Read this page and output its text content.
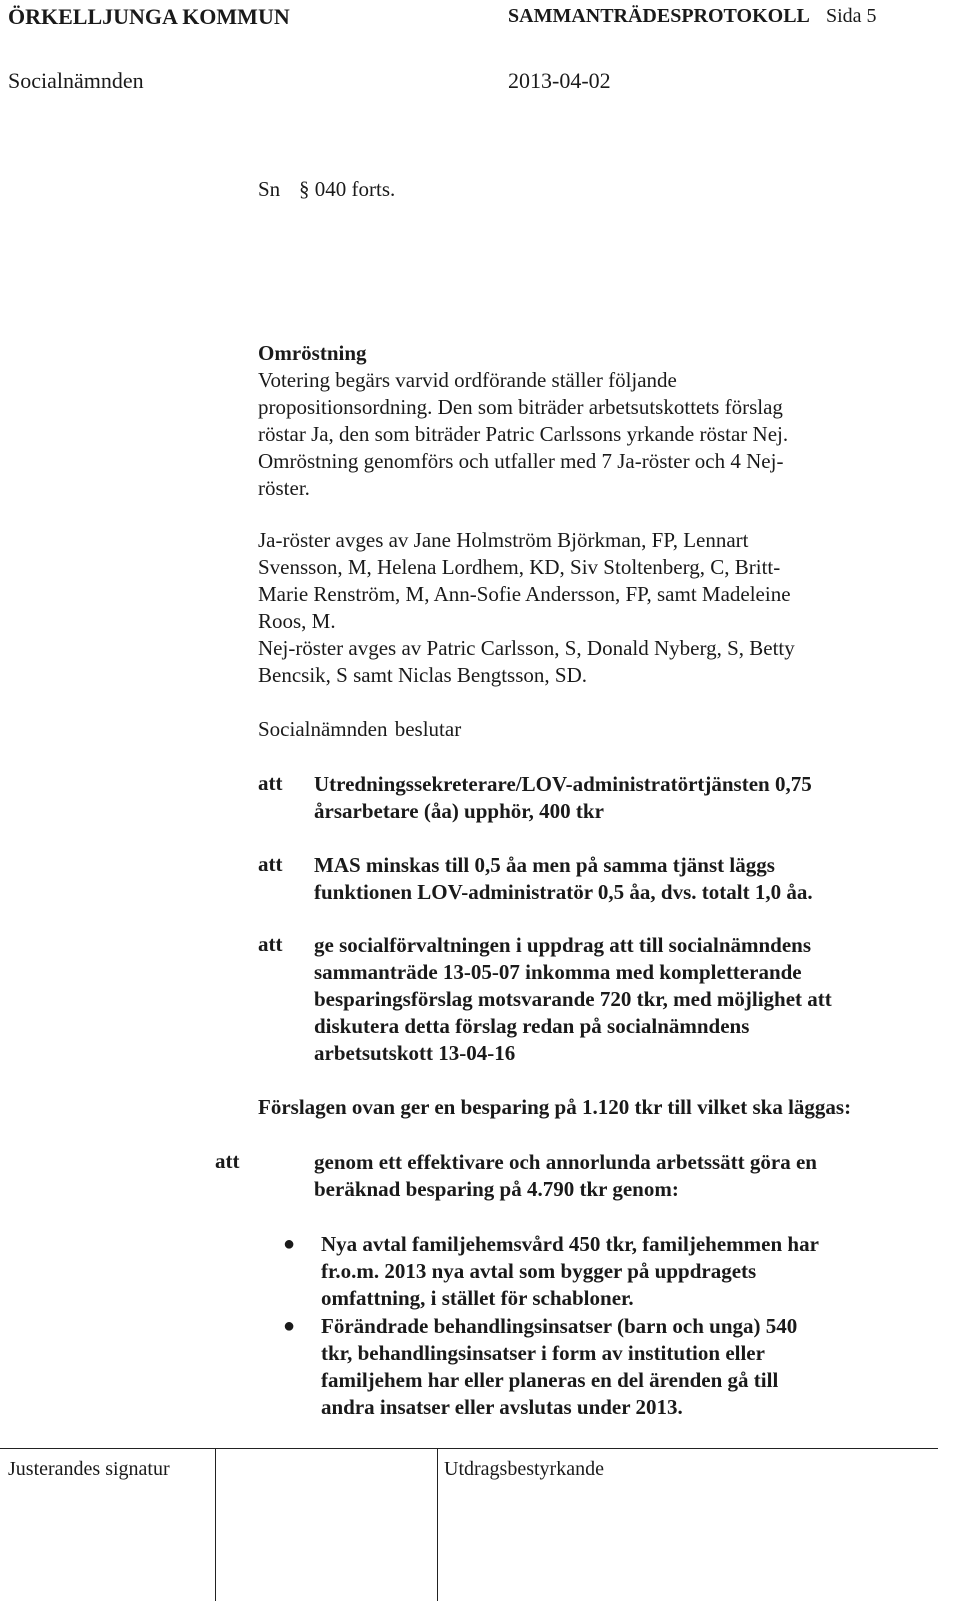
ÖRKELLJUNGA KOMMUN	SAMMANTRÄDESPROTOKOLL Sida 5
Socialnämnden	2013-04-02
Sn § 040 forts.
Omröstning
Votering begärs varvid ordförande ställer följande
propositionsordning. Den som biträder arbetsutskottets förslag
röstar Ja, den som biträder Patric Carlssons yrkande röstar Nej.
Omröstning genomförs och utfaller med 7 Ja-röster och 4 Nej-
röster.
Ja-röster avges av Jane Holmström Björkman, FP, Lennart
Svensson, M, Helena Lordhem, KD, Siv Stoltenberg, C, Britt-
Marie Renström, M, Ann-Sofie Andersson, FP, samt Madeleine
Roos, M.
Nej-röster avges av Patric Carlsson, S, Donald Nyberg, S, Betty
Bencsik, S samt Niclas Bengtsson, SD.
Socialnämnden beslutar
att Utredningssekreterare/LOV-administratörtjänsten 0,75
årsarbetare (åa) upphör, 400 tkr
att MAS minskas till 0,5 åa men på samma tjänst läggs
funktionen LOV-administratör 0,5 åa, dvs. totalt 1,0 åa.
att ge socialförvaltningen i uppdrag att till socialnämndens
sammanträde 13-05-07 inkomma med kompletterande
besparingsförslag motsvarande 720 tkr, med möjlighet att
diskutera detta förslag redan på socialnämndens
arbetsutskott 13-04-16
Förslagen ovan ger en besparing på 1.120 tkr till vilket ska läggas:
att	genom ett effektivare och annorlunda arbetssätt göra en
beräknad besparing på 4.790 tkr genom:
● Nya avtal familjehemsvård 450 tkr, familjehemmen har
fr.o.m. 2013 nya avtal som bygger på uppdragets
omfattning, i stället för schabloner.
● Förändrade behandlingsinsatser (barn och unga) 540
tkr, behandlingsinsatser i form av institution eller
familjehem har eller planeras en del ärenden gå till
andra insatser eller avslutas under 2013.
Justerandes signatur	Utdragsbestyrkande
